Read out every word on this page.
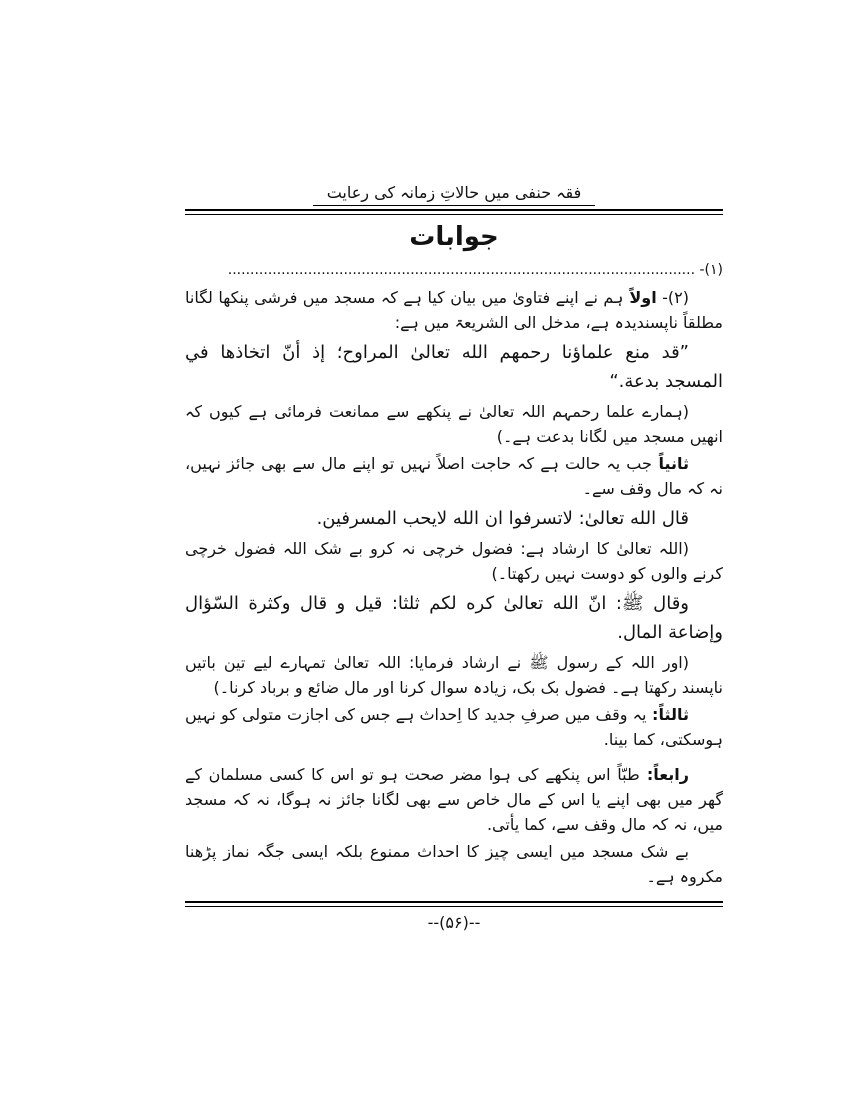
فقہ حنفی میں حالاتِ زمانہ کی رعایت
جوابات
(۱)- .........................................................................................................

(۲)- اولاً ہم نے اپنے فتاویٰ میں بیان کیا ہے کہ مسجد میں فرشی پنکھا لگانا مطلقاً ناپسندیدہ ہے، مدخل الی الشریعۃ میں ہے:

”قد منع علماؤنا رحمهم الله تعالیٰ المراوح؛ إذ أنّ اتخاذها في المسجد بدعة.“

(ہمارے علما رحمہم اللہ تعالیٰ نے پنکھے سے ممانعت فرمائی ہے کیوں کہ انھیں مسجد میں لگانا بدعت ہے۔)

ثانیاً جب یہ حالت ہے کہ حاجت اصلاً نہیں تو اپنے مال سے بھی جائز نہیں، نہ کہ مال وقف سے۔

قال الله تعالیٰ: لاتسرفوا ان الله لایحب المسرفین.

(اللہ تعالیٰ کا ارشاد ہے: فضول خرچی نہ کرو بے شک اللہ فضول خرچی کرنے والوں کو دوست نہیں رکھتا۔)

وقال ﷺ: انّ الله تعالیٰ کره لکم ثلثا: قیل و قال وکثرة السّؤال وإضاعة المال.

(اور اللہ کے رسول ﷺ نے ارشاد فرمایا: اللہ تعالیٰ تمہارے لیے تین باتیں ناپسند رکھتا ہے۔ فضول بک بک، زیادہ سوال کرنا اور مال ضائع و برباد کرنا۔)

ثالثاً: یہ وقف میں صرفِ جدید کا اِحداث ہے جس کی اجازت متولی کو نہیں ہوسکتی، کما بینا.

رابعاً: طبّاً اس پنکھے کی ہوا مضر صحت ہو تو اس کا کسی مسلمان کے گھر میں بھی اپنے یا اس کے مال خاص سے بھی لگانا جائز نہ ہوگا، نہ کہ مسجد میں، نہ کہ مال وقف سے، کما یأتی.

بے شک مسجد میں ایسی چیز کا احداث ممنوع بلکہ ایسی جگہ نماز پڑھنا مکروہ ہے۔

--(۵۶)--
